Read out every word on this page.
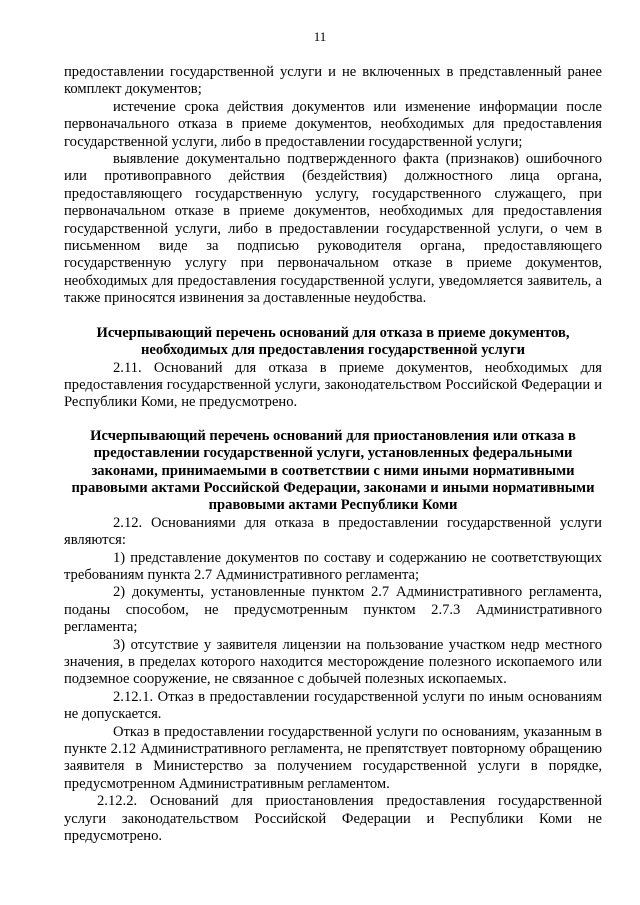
11

предоставлении государственной услуги и не включенных в представленный ранее комплект документов;

истечение срока действия документов или изменение информации после первоначального отказа в приеме документов, необходимых для предоставления государственной услуги, либо в предоставлении государственной услуги;

выявление документально подтвержденного факта (признаков) ошибочного или противоправного действия (бездействия) должностного лица органа, предоставляющего государственную услугу, государственного служащего, при первоначальном отказе в приеме документов, необходимых для предоставления государственной услуги, либо в предоставлении государственной услуги, о чем в письменном виде за подписью руководителя органа, предоставляющего государственную услугу при первоначальном отказе в приеме документов, необходимых для предоставления государственной услуги, уведомляется заявитель, а также приносятся извинения за доставленные неудобства.

Исчерпывающий перечень оснований для отказа в приеме документов, необходимых для предоставления государственной услуги

2.11. Оснований для отказа в приеме документов, необходимых для предоставления государственной услуги, законодательством Российской Федерации и Республики Коми, не предусмотрено.

Исчерпывающий перечень оснований для приостановления или отказа в предоставлении государственной услуги, установленных федеральными законами, принимаемыми в соответствии с ними иными нормативными правовыми актами Российской Федерации, законами и иными нормативными правовыми актами Республики Коми

2.12. Основаниями для отказа в предоставлении государственной услуги являются:

1) представление документов по составу и содержанию не соответствующих требованиям пункта 2.7 Административного регламента;

2) документы, установленные пунктом 2.7 Административного регламента, поданы способом, не предусмотренным пунктом 2.7.3 Административного регламента;

3) отсутствие у заявителя лицензии на пользование участком недр местного значения, в пределах которого находится месторождение полезного ископаемого или подземное сооружение, не связанное с добычей полезных ископаемых.

2.12.1. Отказ в предоставлении государственной услуги по иным основаниям не допускается.

Отказ в предоставлении государственной услуги по основаниям, указанным в пункте 2.12 Административного регламента, не препятствует повторному обращению заявителя в Министерство за получением государственной услуги в порядке, предусмотренном Административным регламентом.

2.12.2. Оснований для приостановления предоставления государственной услуги законодательством Российской Федерации и Республики Коми не предусмотрено.
